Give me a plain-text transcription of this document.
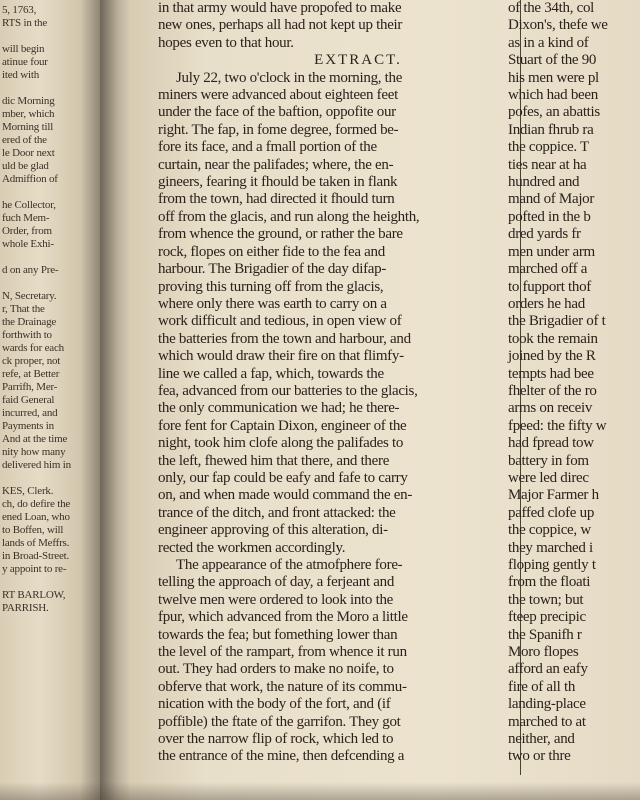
5, 1763,
RTS in the

will begin
atinue four
ited with

dic Morning
mber, which
Morning till
ered of the
le Door next
uld be glad
Admiffion of

he Collector,
fuch Mem-
Order, from
whole Exhi-

d on any Pre-

N, Secretary.
r, That the
the Drainage
forthwith to
wards for each
ck proper, not
refe, at Better
Parrifh, Mer-
faid General
incurred, and
Payments in
And at the time
nity how many
delivered him in

KES, Clerk.
ch, do defire the
ened Loan, who
to Boffen, will
lands of Meffrs.
in Broad-Street.
y appoint to re-

RT BARLOW,
PARRISH.
in that army would have propofed to make
new ones, perhaps all had not kept up their
hopes even to that hour.
EXTRACT.
July 22, two o'clock in the morning, the
miners were advanced about eighteen feet
under the face of the baftion, oppofite our
right. The fap, in fome degree, formed be-
fore its face, and a fmall portion of the
curtain, near the palifades; where, the en-
gineers, fearing it fhould be taken in flank
from the town, had directed it fhould turn
off from the glacis, and run along the heighth,
from whence the ground, or rather the bare
rock, flopes on either fide to the fea and
harbour. The Brigadier of the day difap-
proving this turning off from the glacis,
where only there was earth to carry on a
work difficult and tedious, in open view of
the batteries from the town and harbour, and
which would draw their fire on that flimfy-
line we called a fap, which, towards the
fea, advanced from our batteries to the glacis,
the only communication we had; he there-
fore fent for Captain Dixon, engineer of the
night, took him clofe along the palifades to
the left, fhewed him that there, and there
only, our fap could be eafy and fafe to carry
on, and when made would command the en-
trance of the ditch, and front attacked: the
engineer approving of this alteration, di-
rected the workmen accordingly.
The appearance of the atmofphere fore-
telling the approach of day, a ferjeant and
twelve men were ordered to look into the
fpur, which advanced from the Moro a little
towards the fea; but fomething lower than
the level of the rampart, from whence it run
out. They had orders to make no noife, to
obferve that work, the nature of its commu-
nication with the body of the fort, and (if
poffible) the ftate of the garrifon. They got
over the narrow flip of rock, which led to
the entrance of the mine, then defcending a
of the 34th, col
Dixon's, thefe we
as in a kind of
Stuart of the 90
his men were pl
which had been
pofes, an abattis
Indian fhrub ra
the coppice. T
ties near at ha
hundred and
mand of Major
pofted in the b
dred yards fr
men under arm
marched off a
to fupport thof
orders he had
the Brigadier of t
took the remain
joined by the R
tempts had bee
fhelter of the ro
arms on receiv
fpeed: the fifty w
had fpread tow
battery in fom
were led direc
Major Farmer h
paffed clofe up
the coppice, w
they marched i
floping gently t
from the floati
the town; but
fteep precipic
the Spanifh r
Moro flopes
afford an eafy
fire of all th
landing-place
marched to at
neither, and
two or thre
